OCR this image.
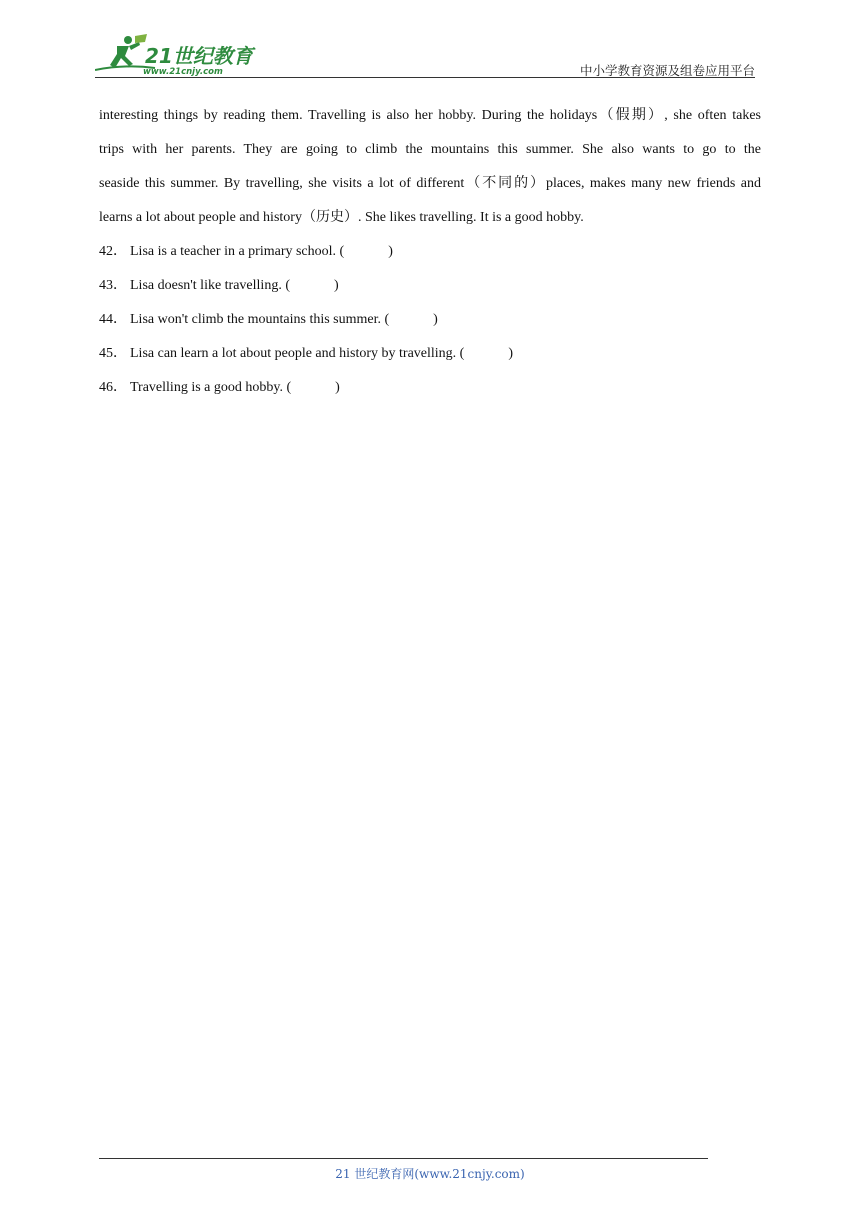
21世纪教育
www.21cnjy.com	中小学教育资源及组卷应用平台

interesting things by reading them. Travelling is also her hobby. During the holidays（假期）, she often takes
trips with her parents. They are going to climb the mountains this summer. She also wants to go to the
seaside this summer. By travelling, she visits a lot of different（不同的）places, makes many new friends and
learns a lot about people and history（历史）. She likes travelling. It is a good hobby.

42． Lisa is a teacher in a primary school. (	)
43． Lisa doesn't like travelling. (	)
44． Lisa won't climb the mountains this summer. (	)
45． Lisa can learn a lot about people and history by travelling. (	)
46． Travelling is a good hobby. (	)
21 世纪教育网(www.21cnjy.com)
